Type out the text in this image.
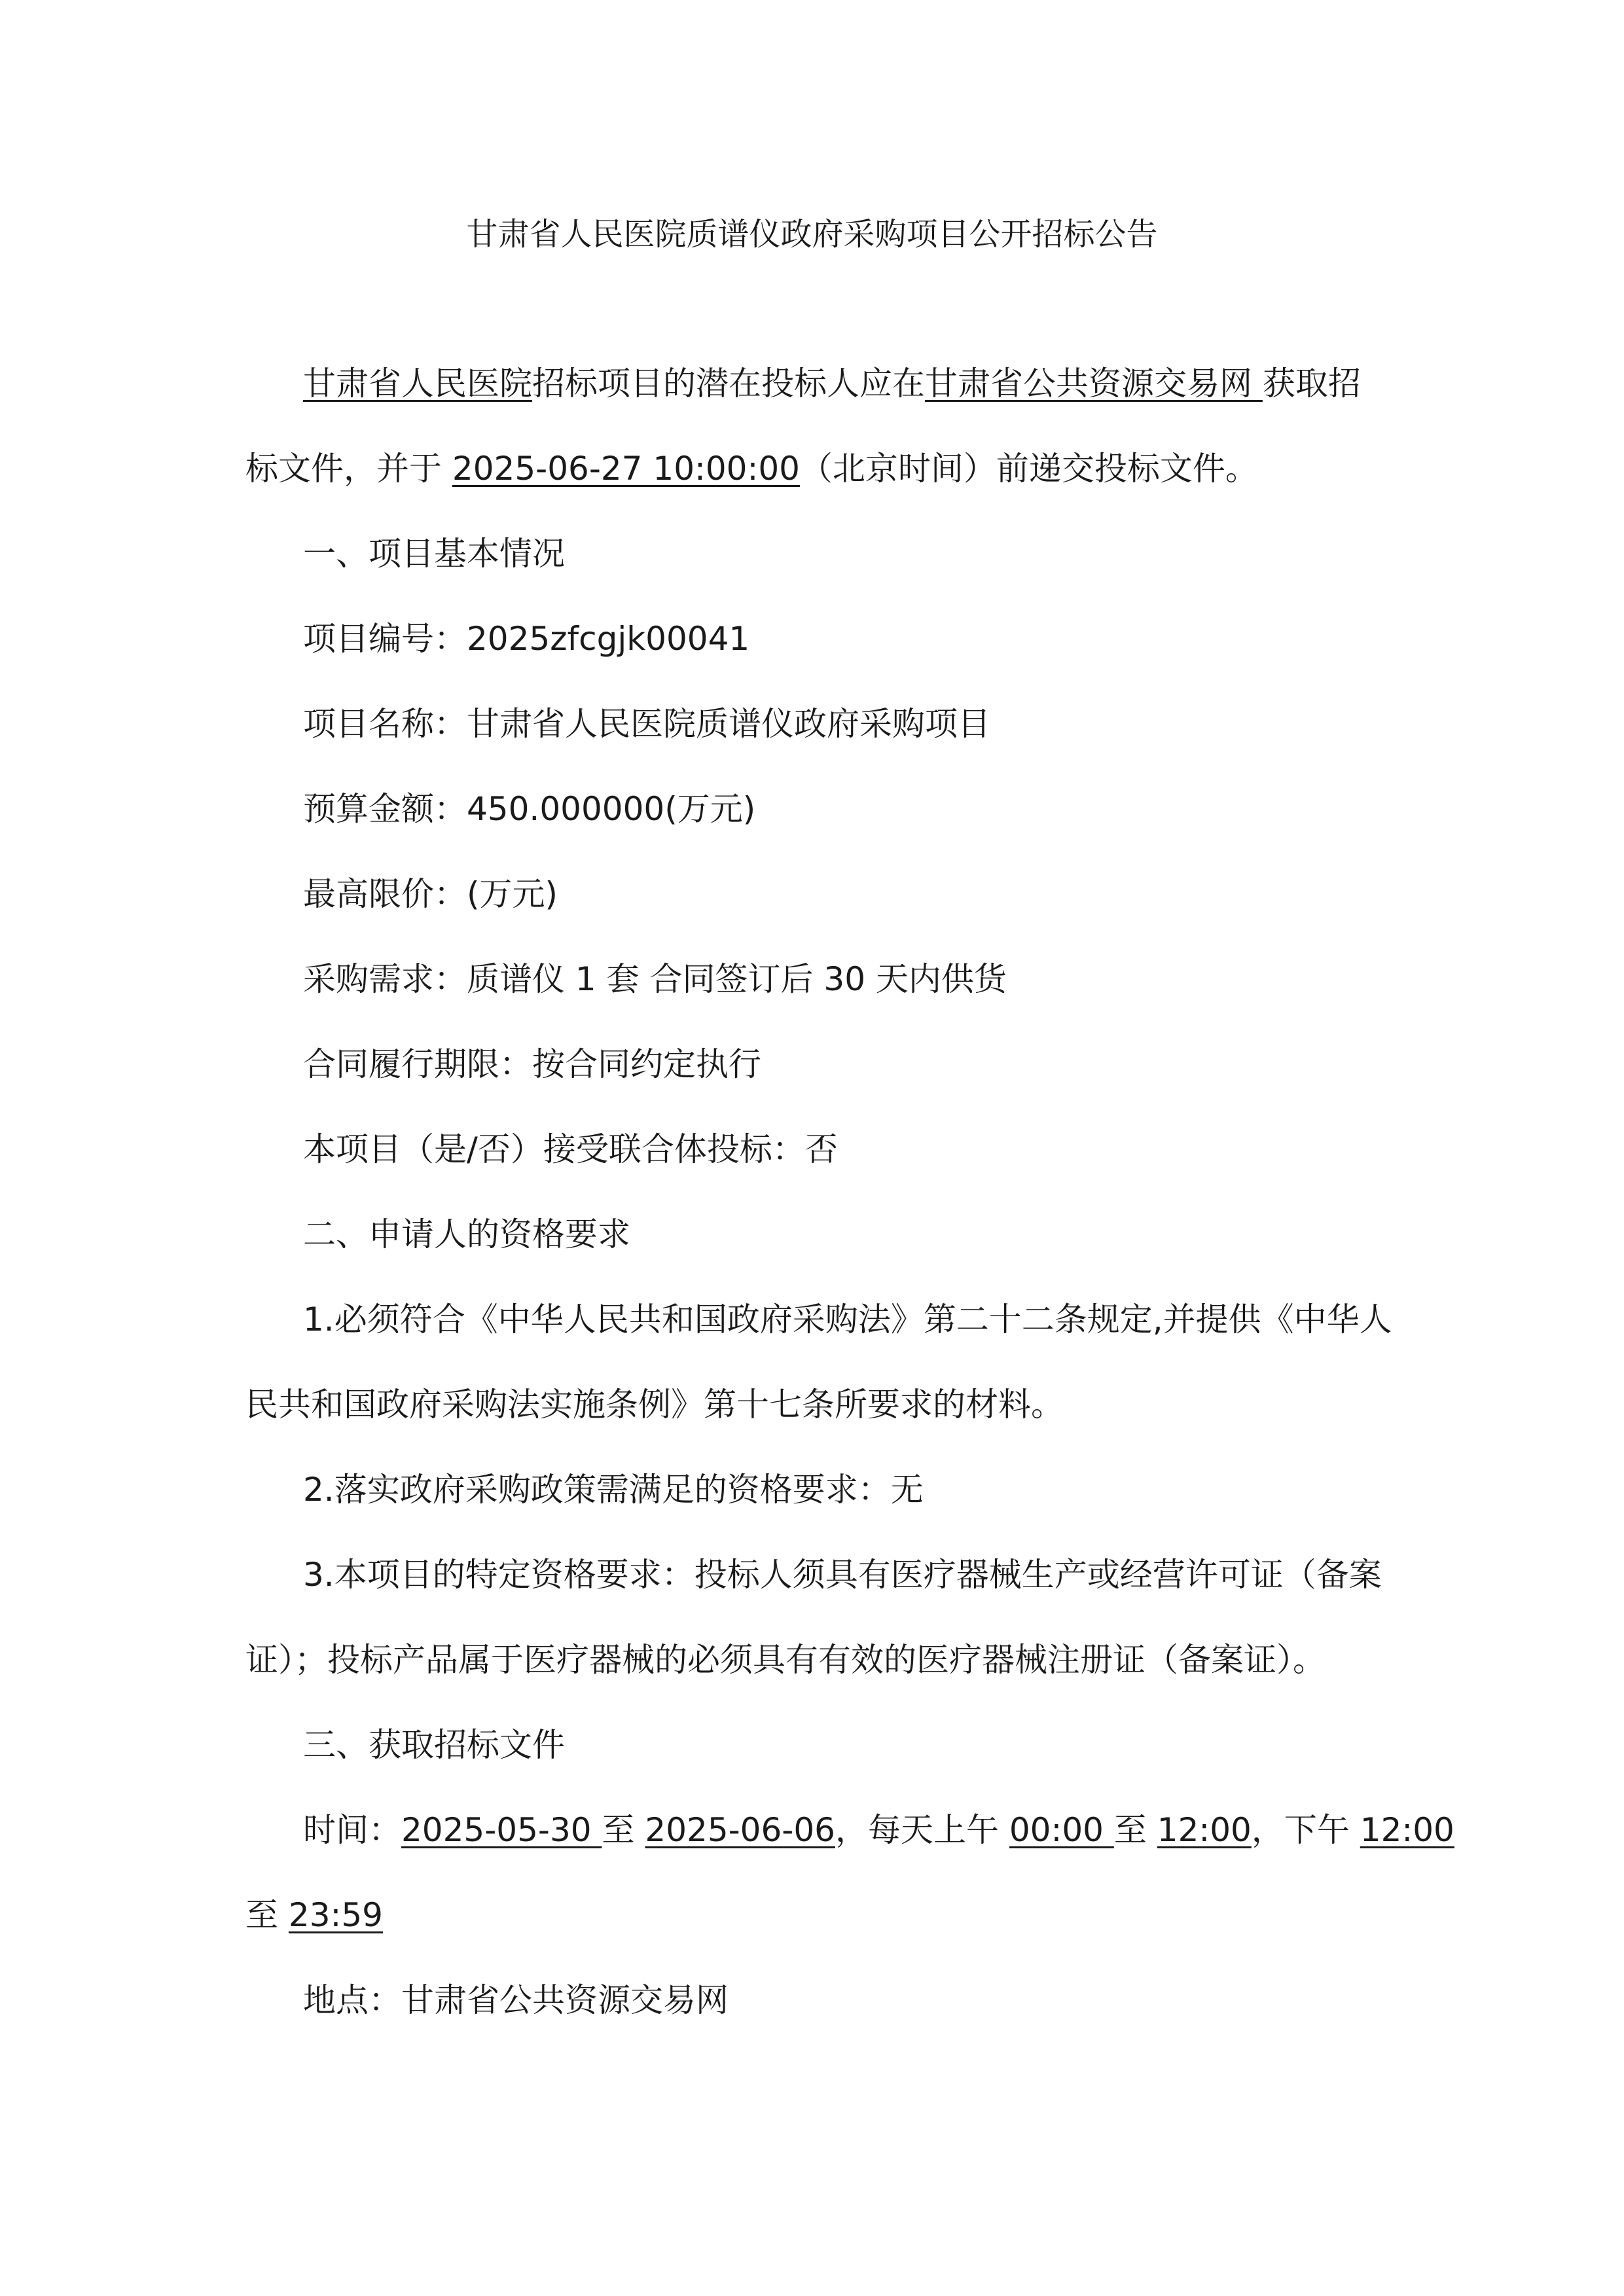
甘肃省人民医院质谱仪政府采购项目公开招标公告
甘肃省人民医院招标项目的潜在投标人应在甘肃省公共资源交易网 获取招
标文件，并于 2025-06-27 10:00:00（北京时间）前递交投标文件。
一、项目基本情况
项目编号：2025zfcgjk00041
项目名称：甘肃省人民医院质谱仪政府采购项目
预算金额：450.000000(万元)
最高限价：(万元)
采购需求：质谱仪 1 套 合同签订后 30 天内供货
合同履行期限：按合同约定执行
本项目（是/否）接受联合体投标：否
二、申请人的资格要求
1.必须符合《中华人民共和国政府采购法》第二十二条规定,并提供《中华人
民共和国政府采购法实施条例》第十七条所要求的材料。
2.落实政府采购政策需满足的资格要求：无
3.本项目的特定资格要求：投标人须具有医疗器械生产或经营许可证（备案
证）；投标产品属于医疗器械的必须具有有效的医疗器械注册证（备案证）。
三、获取招标文件
时间：2025-05-30 至 2025-06-06，每天上午 00:00 至 12:00，下午 12:00
至 23:59
地点：甘肃省公共资源交易网
